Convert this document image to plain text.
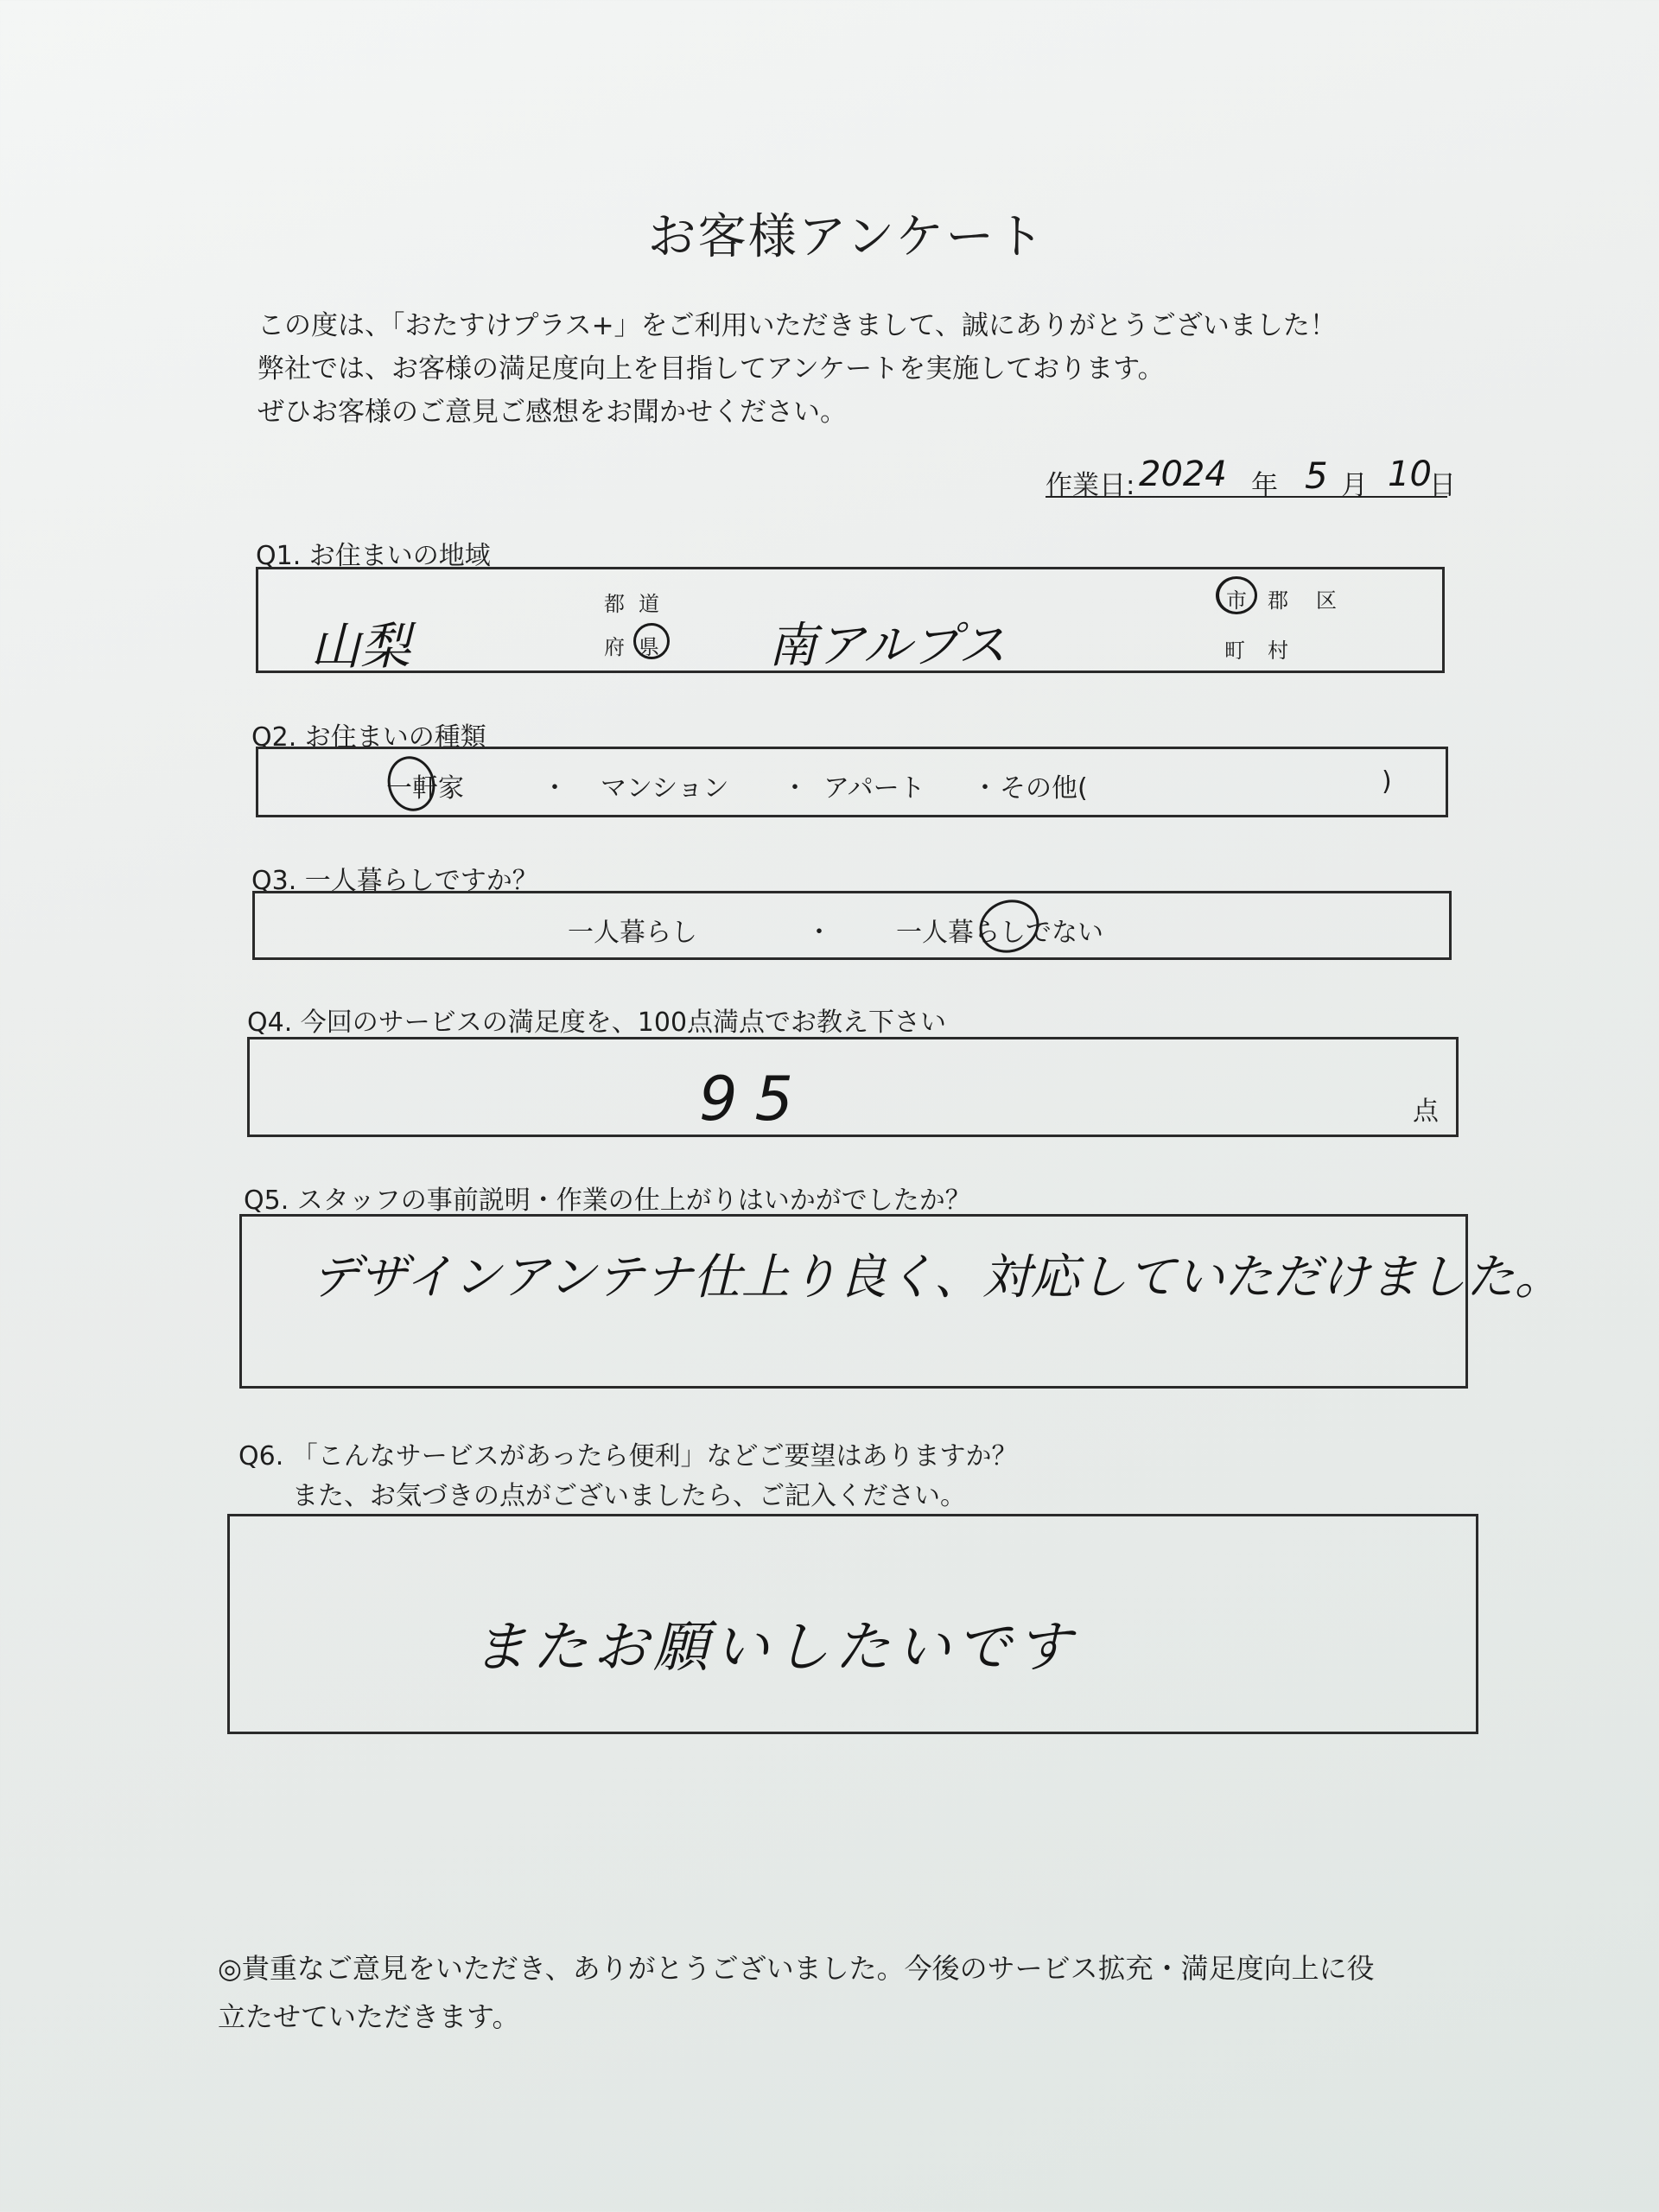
お客様アンケート
この度は、「おたすけプラス+」をご利用いただきまして、誠にありがとうございました！
弊社では、お客様の満足度向上を目指してアンケートを実施しております。
ぜひお客様のご意見ご感想をお聞かせください。
作業日: 2024 年 5 月 10
日
Q1. お住まいの地域
山梨
都 道
府 県 南アルプス
市 郡 区
町 村
Q2. お住まいの種類
一軒家	・ マンション ・ アパート ・ その他(	)
Q3. 一人暮らしですか？
一人暮らし	・ 一人暮らしでない
Q4. 今回のサービスの満足度を、100点満点でお教え下さい
95	点
Q5. スタッフの事前説明・作業の仕上がりはいかがでしたか？
デザインアンテナ仕上り良く、対応していただけました。
Q6. 「こんなサービスがあったら便利」などご要望はありますか？
また、お気づきの点がございましたら、ご記入ください。
またお願いしたいです
◎貴重なご意見をいただき、ありがとうございました。今後のサービス拡充・満足度向上に役
立たせていただきます。
